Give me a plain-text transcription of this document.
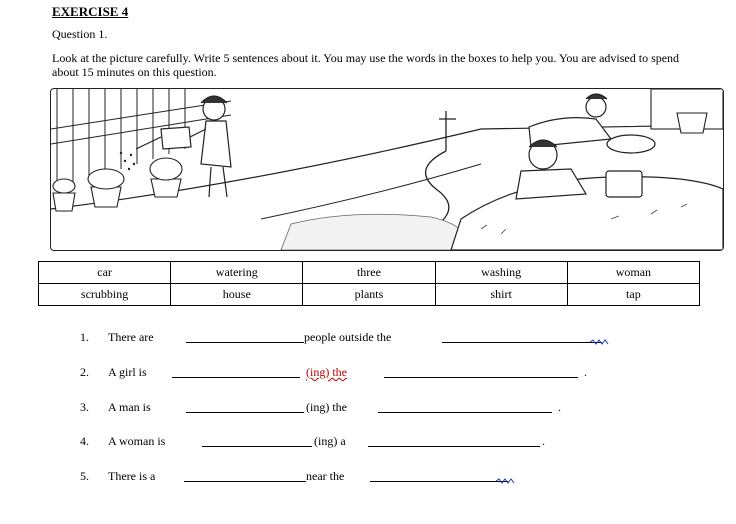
EXERCISE 4
Question 1.
Look at the picture carefully. Write 5 sentences about it. You may use the words in the boxes to help you. You are advised to spend about 15 minutes on this question.
car	watering	three	washing	woman
scrubbing	house	plants	shirt	tap
1. There are	people outside the
2. A girl is	(ing) the	.
3. A man is	(ing) the	.
4. A woman is	(ing) a	.
5. There is a	near the
